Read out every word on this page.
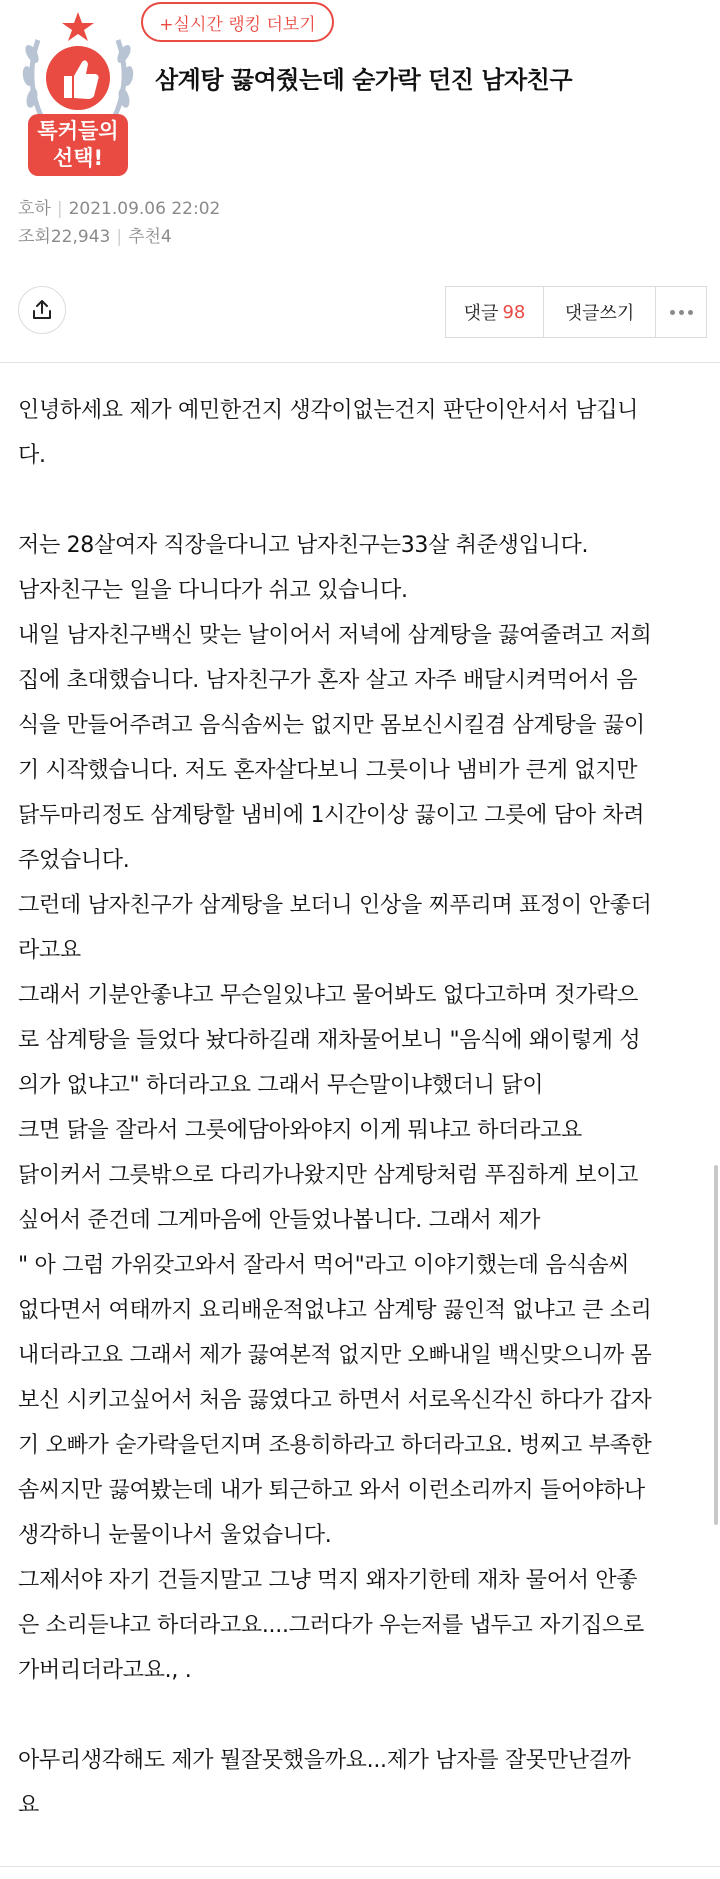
톡커들의
선택!
+실시간 랭킹 더보기
삼계탕 끓여줬는데 숟가락 던진 남자친구
호하 | 2021.09.06 22:02
조회22,943 | 추천4
댓글 98	댓글쓰기

인녕하세요 제가 예민한건지 생각이없는건지 판단이안서서 남깁니

다.

저는 28살여자 직장을다니고 남자친구는33살 취준생입니다.

남자친구는 일을 다니다가 쉬고 있습니다.

내일 남자친구백신 맞는 날이어서 저녁에 삼계탕을 끓여줄려고 저희

집에 초대했습니다. 남자친구가 혼자 살고 자주 배달시켜먹어서 음

식을 만들어주려고 음식솜씨는 없지만 몸보신시킬겸 삼계탕을 끓이

기 시작했습니다. 저도 혼자살다보니 그릇이나 냄비가 큰게 없지만

닭두마리정도 삼계탕할 냄비에 1시간이상 끓이고 그릇에 담아 차려

주었습니다.

그런데 남자친구가 삼계탕을 보더니 인상을 찌푸리며 표정이 안좋더

라고요

그래서 기분안좋냐고 무슨일있냐고 물어봐도 없다고하며 젓가락으

로 삼계탕을 들었다 놨다하길래 재차물어보니 "음식에 왜이렇게 성

의가 없냐고" 하더라고요 그래서 무슨말이냐했더니 닭이

크면 닭을 잘라서 그릇에담아와야지 이게 뭐냐고 하더라고요

닭이커서 그릇밖으로 다리가나왔지만 삼계탕처럼 푸짐하게 보이고

싶어서 준건데 그게마음에 안들었나봅니다. 그래서 제가

" 아 그럼 가위갖고와서 잘라서 먹어"라고 이야기했는데 음식솜씨

없다면서 여태까지 요리배운적없냐고 삼계탕 끓인적 없냐고 큰 소리

내더라고요 그래서 제가 끓여본적 없지만 오빠내일 백신맞으니까 몸

보신 시키고싶어서 처음 끓였다고 하면서 서로옥신각신 하다가 갑자

기 오빠가 숟가락을던지며 조용히하라고 하더라고요. 벙찌고 부족한

솜씨지만 끓여봤는데 내가 퇴근하고 와서 이런소리까지 들어야하나

생각하니 눈물이나서 울었습니다.

그제서야 자기 건들지말고 그냥 먹지 왜자기한테 재차 물어서 안좋

은 소리듣냐고 하더라고요....그러다가 우는저를 냅두고 자기집으로

가버리더라고요., .

아무리생각해도 제가 뭘잘못했을까요...제가 남자를 잘못만난걸까

요
